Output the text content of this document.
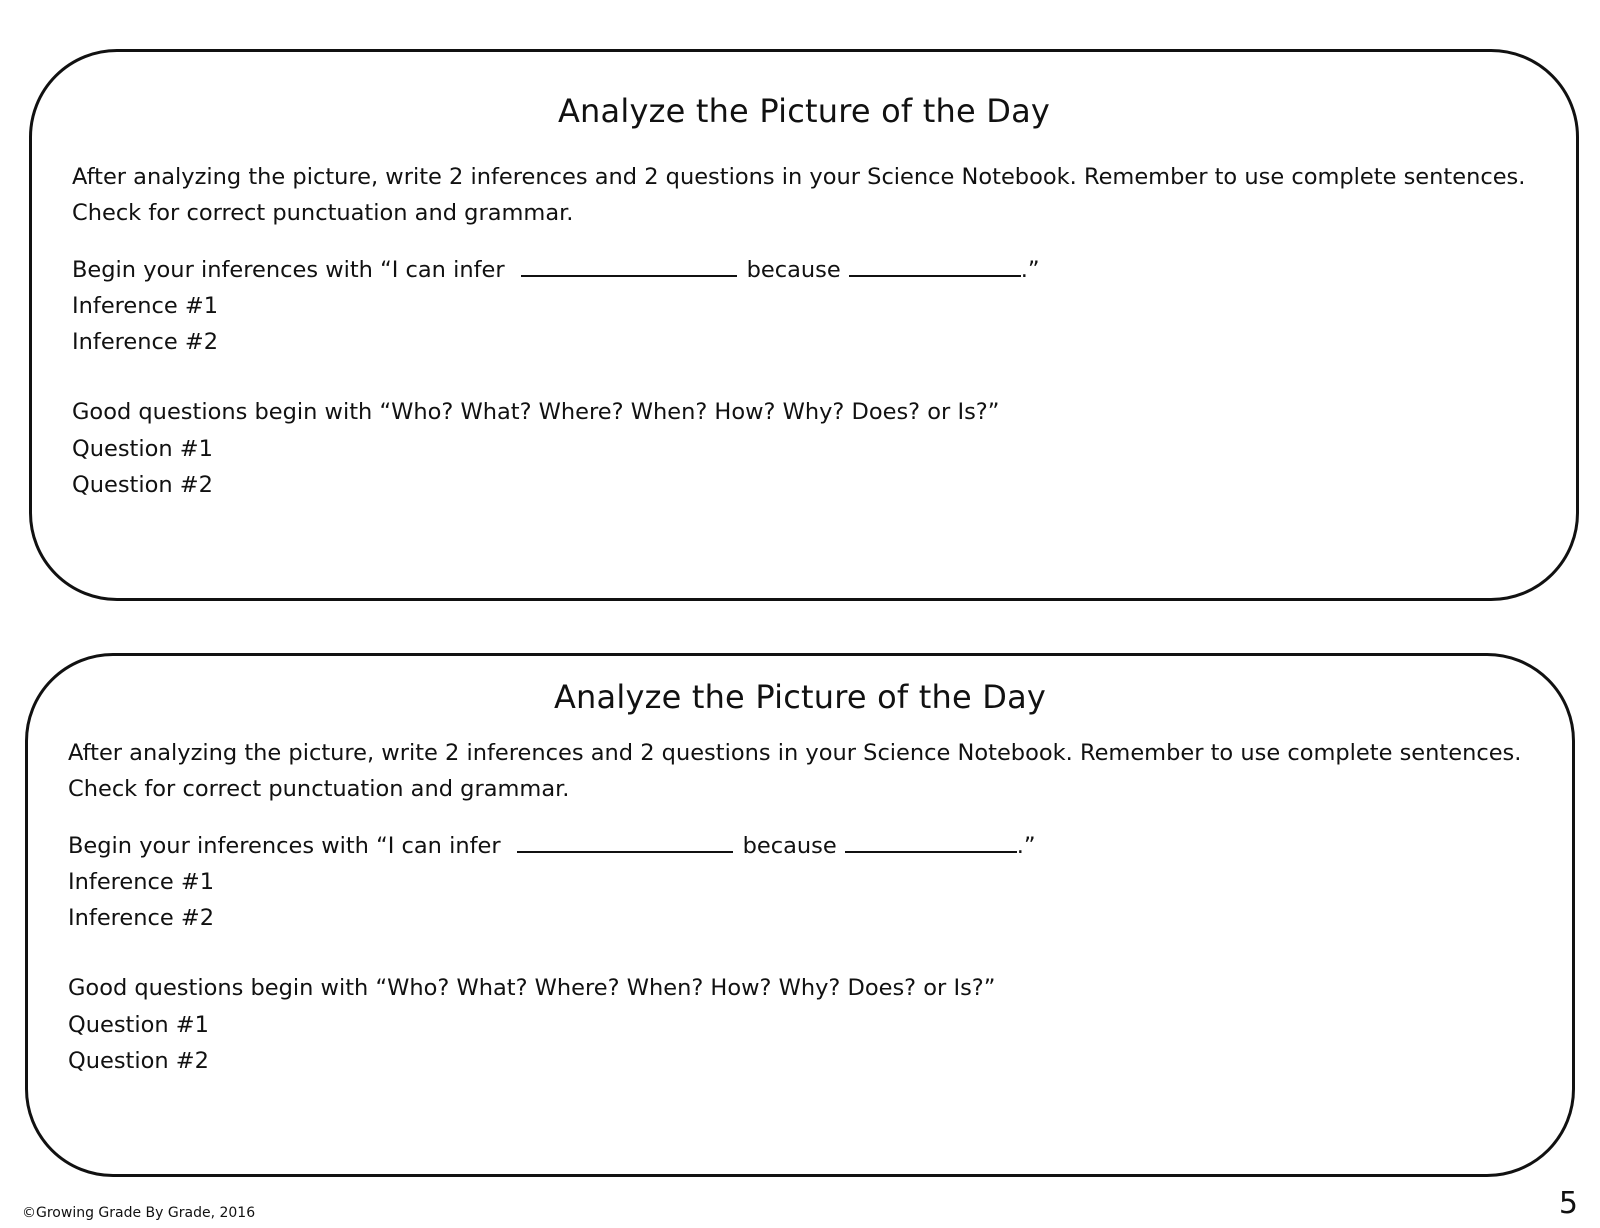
Analyze the Picture of the Day
After analyzing the picture, write 2 inferences and 2 questions in your Science Notebook. Remember to use complete sentences.
Check for correct punctuation and grammar.
Begin your inferences with “I can infer	because	.”
Inference #1
Inference #2
Good questions begin with “Who? What? Where? When? How? Why? Does? or Is?”
Question #1
Question #2
Analyze the Picture of the Day
After analyzing the picture, write 2 inferences and 2 questions in your Science Notebook. Remember to use complete sentences.
Check for correct punctuation and grammar.
Begin your inferences with “I can infer	because	.”
Inference #1
Inference #2
Good questions begin with “Who? What? Where? When? How? Why? Does? or Is?”
Question #1
Question #2
©Growing Grade By Grade, 2016	5
